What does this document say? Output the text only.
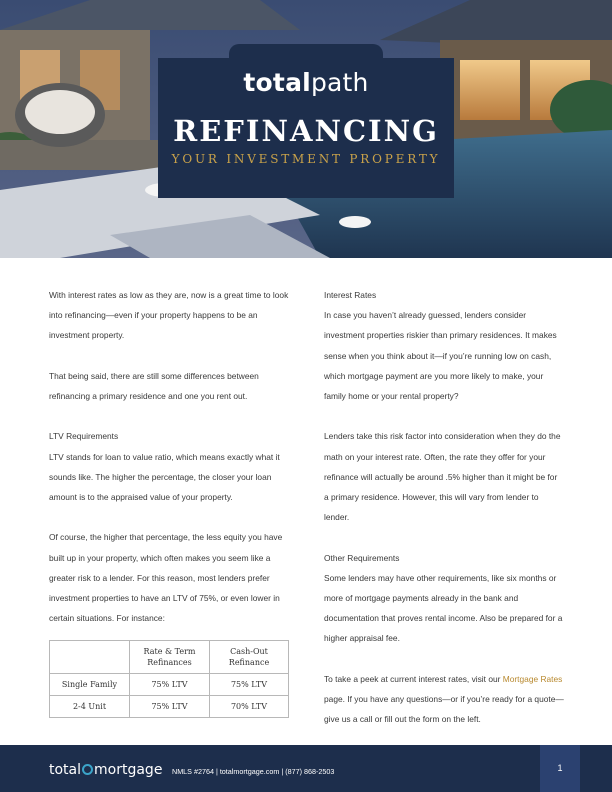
totalpath
REFINANCING
YOUR INVESTMENT PROPERTY

With interest rates as low as they are, now is a great time to look into refinancing—even if your property happens to be an investment property.

That being said, there are still some differences between refinancing a primary residence and one you rent out.

LTV Requirements

LTV stands for loan to value ratio, which means exactly what it sounds like. The higher the percentage, the closer your loan amount is to the appraised value of your property.

Of course, the higher that percentage, the less equity you have built up in your property, which often makes you seem like a greater risk to a lender. For this reason, most lenders prefer investment properties to have an LTV of 75%, or even lower in certain situations. For instance:

	Rate & Term Refinances	Cash-Out Refinance
Single Family	75% LTV	75% LTV
2-4 Unit	75% LTV	70% LTV

Interest Rates

In case you haven’t already guessed, lenders consider investment properties riskier than primary residences. It makes sense when you think about it—if you’re running low on cash, which mortgage payment are you more likely to make, your family home or your rental property?

Lenders take this risk factor into consideration when they do the math on your interest rate. Often, the rate they offer for your refinance will actually be around .5% higher than it might be for a primary residence. However, this will vary from lender to lender.

Other Requirements

Some lenders may have other requirements, like six months or more of mortgage payments already in the bank and documentation that proves rental income. Also be prepared for a higher appraisal fee.

To take a peek at current interest rates, visit our Mortgage Rates page. If you have any questions—or if you’re ready for a quote—give us a call or fill out the form on the left.

total mortgage NMLS #2764 | totalmortgage.com | (877) 868-2503	1
